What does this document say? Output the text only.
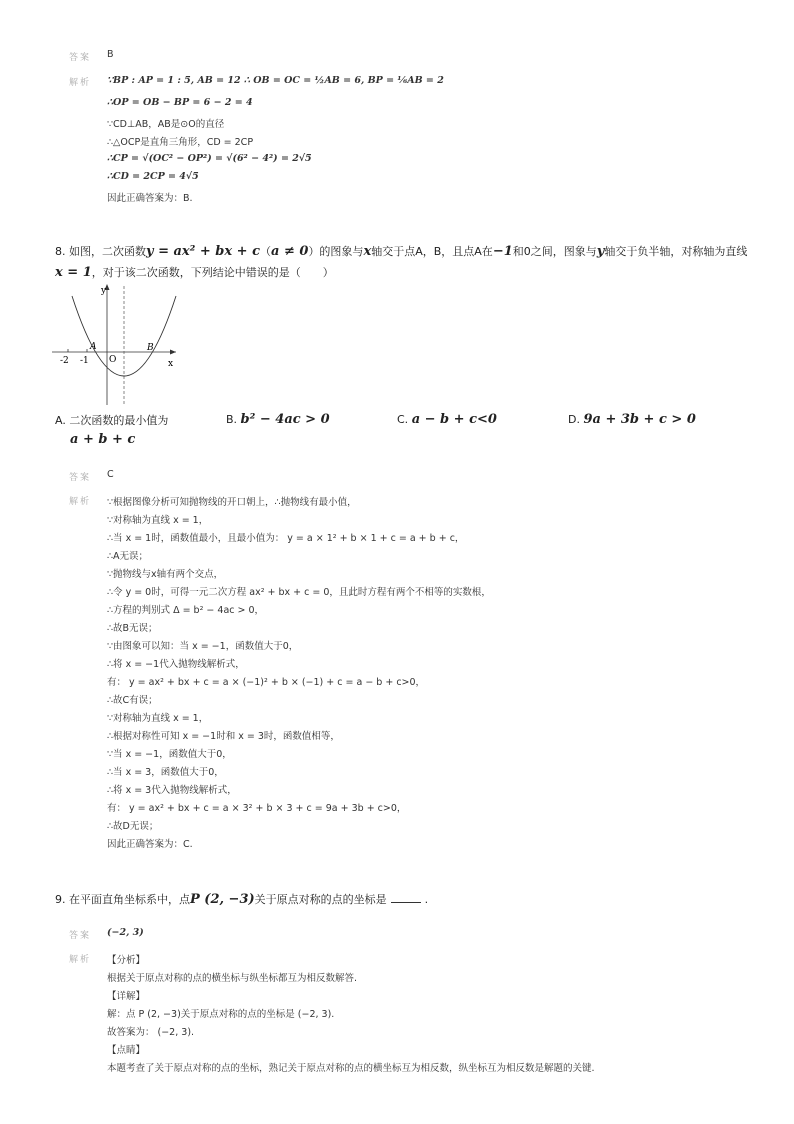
答案 B
解析 ∵BP : AP = 1 : 5, AB = 12 ∴ OB = OC = ½AB = 6, BP = ⅙AB = 2
∴OP = OB − BP = 6 − 2 = 4
∵CD⊥AB，AB是⊙O的直径
∴△OCP是直角三角形，CD = 2CP
∴CP = √(OC² − OP²) = √(6² − 4²) = 2√5
∴CD = 2CP = 4√5
因此正确答案为：B.
8. 如图，二次函数y = ax² + bx + c（a ≠ 0）的图象与x轴交于点A，B，且点A在−1和0之间，图象与y轴交于负半轴，对称轴为直线
x = 1，对于该二次函数，下列结论中错误的是（　　）
y
x
O
A	B
-2 -1
A. 二次函数的最小值为
a + b + c
B. b² − 4ac > 0	C. a − b + c<0	D. 9a + 3b + c > 0
答案 C
解析 ∵根据图像分析可知抛物线的开口朝上，∴抛物线有最小值，
∵对称轴为直线 x = 1，
∴当 x = 1时，函数值最小，且最小值为： y = a × 1² + b × 1 + c = a + b + c，
∴A无误；
∵抛物线与x轴有两个交点，
∴令 y = 0时，可得一元二次方程 ax² + bx + c = 0，且此时方程有两个不相等的实数根，
∴方程的判别式 Δ = b² − 4ac > 0，
∴故B无误；
∵由图象可以知：当 x = −1，函数值大于0，
∴将 x = −1代入抛物线解析式，
有： y = ax² + bx + c = a × (−1)² + b × (−1) + c = a − b + c>0，
∴故C有误；
∵对称轴为直线 x = 1，
∴根据对称性可知 x = −1时和 x = 3时，函数值相等，
∵当 x = −1，函数值大于0，
∴当 x = 3，函数值大于0，
∴将 x = 3代入抛物线解析式，
有： y = ax² + bx + c = a × 3² + b × 3 + c = 9a + 3b + c>0，
∴故D无误；
因此正确答案为：C.
9. 在平面直角坐标系中，点P (2, −3)关于原点对称的点的坐标是	.
答案 (−2, 3)
解析 【分析】
根据关于原点对称的点的横坐标与纵坐标都互为相反数解答.
【详解】
解：点 P (2, −3)关于原点对称的点的坐标是 (−2, 3).
故答案为： (−2, 3).
【点睛】
本题考查了关于原点对称的点的坐标，熟记关于原点对称的点的横坐标互为相反数，纵坐标互为相反数是解题的关键.
